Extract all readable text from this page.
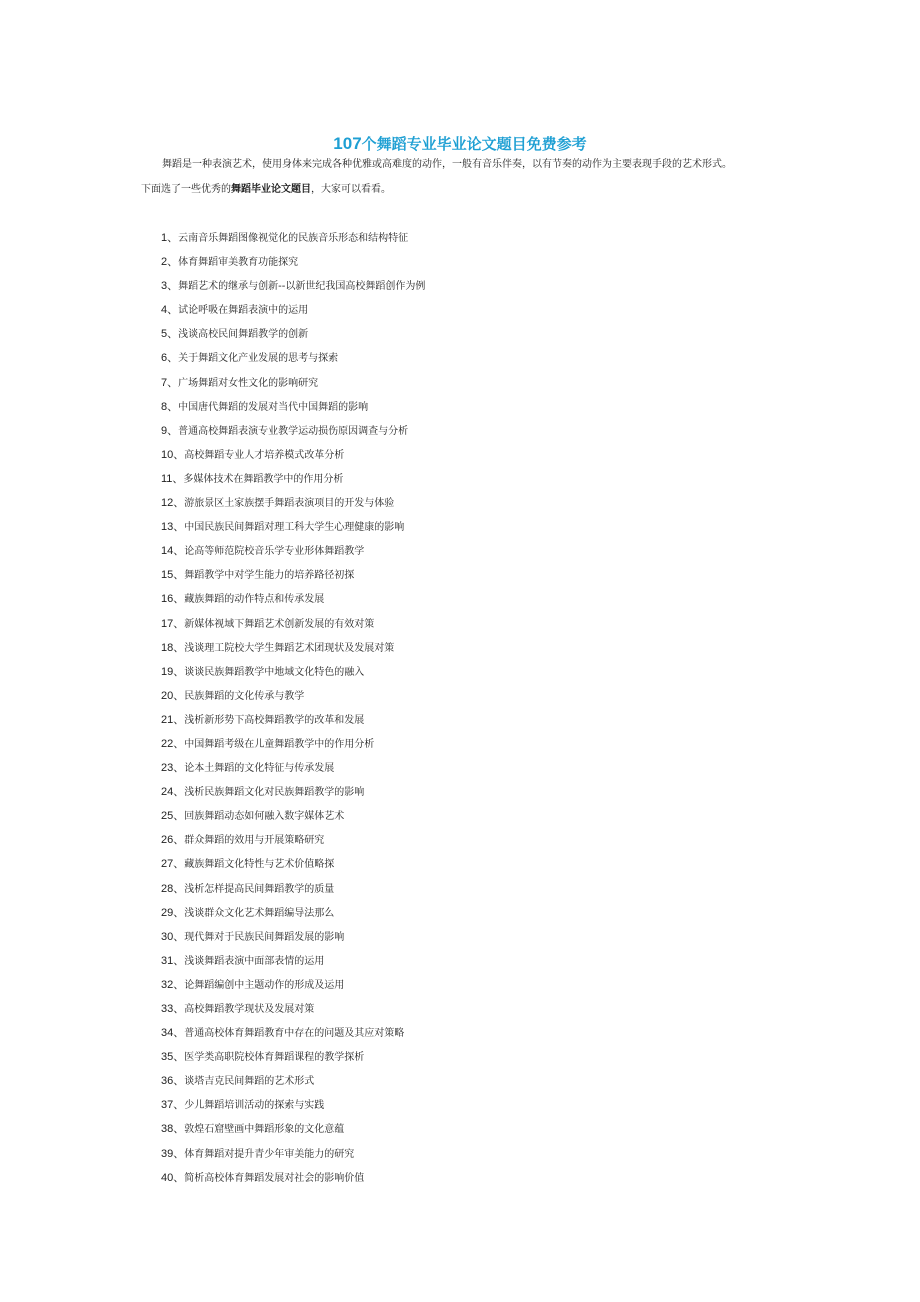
107个舞蹈专业毕业论文题目免费参考
舞蹈是一种表演艺术，使用身体来完成各种优雅或高难度的动作，一般有音乐伴奏，以有节奏的动作为主要表现手段的艺术形式。
下面选了一些优秀的舞蹈毕业论文题目，大家可以看看。
1、云南音乐舞蹈图像视觉化的民族音乐形态和结构特征
2、体育舞蹈审美教育功能探究
3、舞蹈艺术的继承与创新--以新世纪我国高校舞蹈创作为例
4、试论呼吸在舞蹈表演中的运用
5、浅谈高校民间舞蹈教学的创新
6、关于舞蹈文化产业发展的思考与探索
7、广场舞蹈对女性文化的影响研究
8、中国唐代舞蹈的发展对当代中国舞蹈的影响
9、普通高校舞蹈表演专业教学运动损伤原因调查与分析
10、高校舞蹈专业人才培养模式改革分析
11、多媒体技术在舞蹈教学中的作用分析
12、游旅景区土家族摆手舞蹈表演项目的开发与体验
13、中国民族民间舞蹈对理工科大学生心理健康的影响
14、论高等师范院校音乐学专业形体舞蹈教学
15、舞蹈教学中对学生能力的培养路径初探
16、藏族舞蹈的动作特点和传承发展
17、新媒体视域下舞蹈艺术创新发展的有效对策
18、浅谈理工院校大学生舞蹈艺术团现状及发展对策
19、谈谈民族舞蹈教学中地域文化特色的融入
20、民族舞蹈的文化传承与教学
21、浅析新形势下高校舞蹈教学的改革和发展
22、中国舞蹈考级在儿童舞蹈教学中的作用分析
23、论本土舞蹈的文化特征与传承发展
24、浅析民族舞蹈文化对民族舞蹈教学的影响
25、回族舞蹈动态如何融入数字媒体艺术
26、群众舞蹈的效用与开展策略研究
27、藏族舞蹈文化特性与艺术价值略探
28、浅析怎样提高民间舞蹈教学的质量
29、浅谈群众文化艺术舞蹈编导法那么
30、现代舞对于民族民间舞蹈发展的影响
31、浅谈舞蹈表演中面部表情的运用
32、论舞蹈编创中主题动作的形成及运用
33、高校舞蹈教学现状及发展对策
34、普通高校体育舞蹈教育中存在的问题及其应对策略
35、医学类高职院校体育舞蹈课程的教学探析
36、谈塔吉克民间舞蹈的艺术形式
37、少儿舞蹈培训活动的探索与实践
38、敦煌石窟壁画中舞蹈形象的文化意蕴
39、体育舞蹈对提升青少年审美能力的研究
40、简析高校体育舞蹈发展对社会的影响价值
